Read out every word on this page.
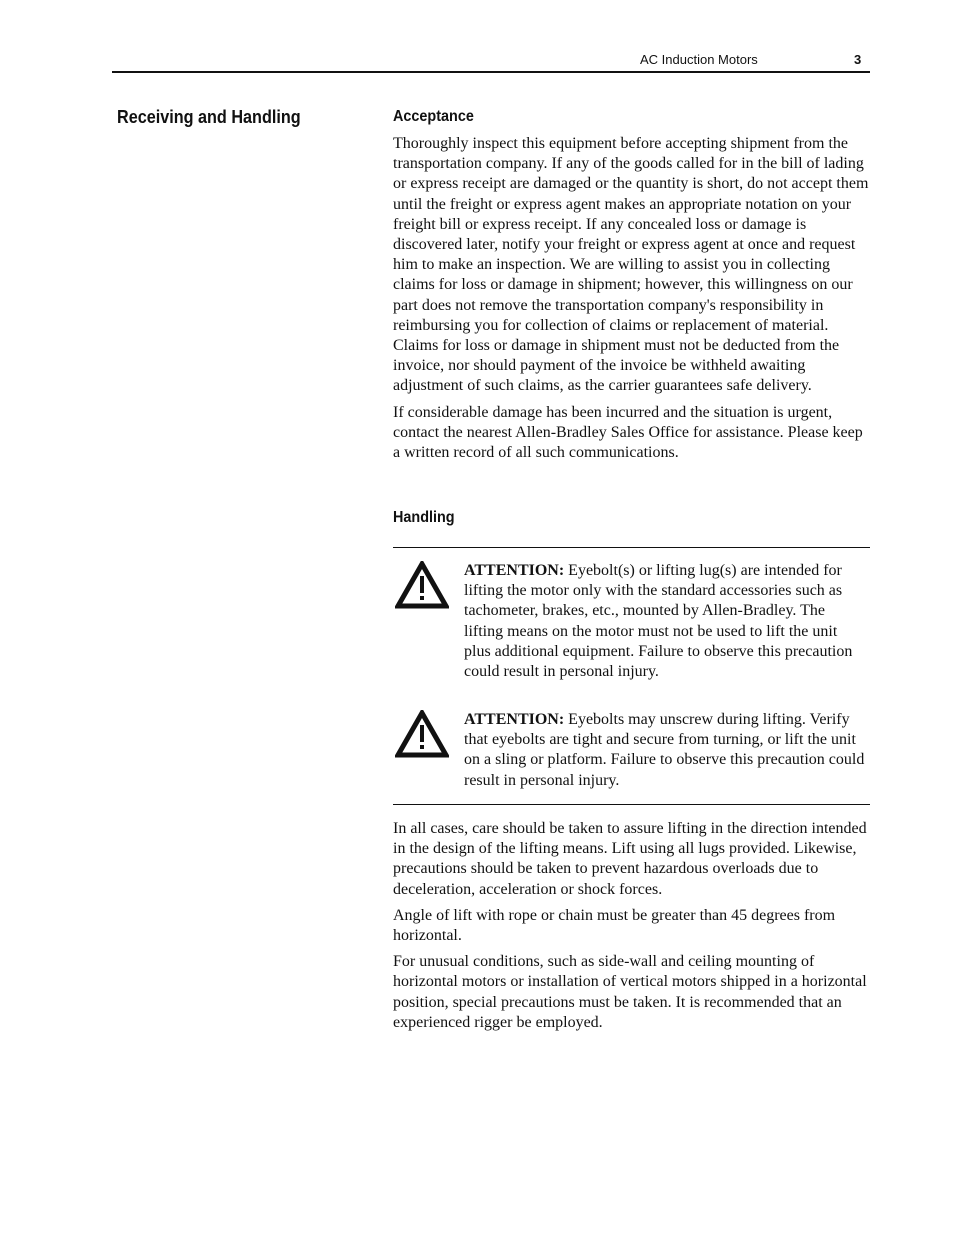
AC Induction Motors	3
Receiving and Handling	Acceptance

Thoroughly inspect this equipment before accepting shipment from the transportation company. If any of the goods called for in the bill of lading or express receipt are damaged or the quantity is short, do not accept them until the freight or express agent makes an appropriate notation on your freight bill or express receipt. If any concealed loss or damage is discovered later, notify your freight or express agent at once and request him to make an inspection. We are willing to assist you in collecting claims for loss or damage in shipment; however, this willingness on our part does not remove the transportation company's responsibility in reimbursing you for collection of claims or replacement of material. Claims for loss or damage in shipment must not be deducted from the invoice, nor should payment of the invoice be withheld awaiting adjustment of such claims, as the carrier guarantees safe delivery.

If considerable damage has been incurred and the situation is urgent, contact the nearest Allen-Bradley Sales Office for assistance. Please keep a written record of all such communications.

Handling
ATTENTION: Eyebolt(s) or lifting lug(s) are intended for lifting the motor only with the standard accessories such as tachometer, brakes, etc., mounted by Allen-Bradley. The lifting means on the motor must not be used to lift the unit plus additional equipment. Failure to observe this precaution could result in personal injury.
ATTENTION: Eyebolts may unscrew during lifting. Verify that eyebolts are tight and secure from turning, or lift the unit on a sling or platform. Failure to observe this precaution could result in personal injury.

In all cases, care should be taken to assure lifting in the direction intended in the design of the lifting means. Lift using all lugs provided. Likewise, precautions should be taken to prevent hazardous overloads due to deceleration, acceleration or shock forces.

Angle of lift with rope or chain must be greater than 45 degrees from horizontal.

For unusual conditions, such as side-wall and ceiling mounting of horizontal motors or installation of vertical motors shipped in a horizontal position, special precautions must be taken. It is recommended that an experienced rigger be employed.
